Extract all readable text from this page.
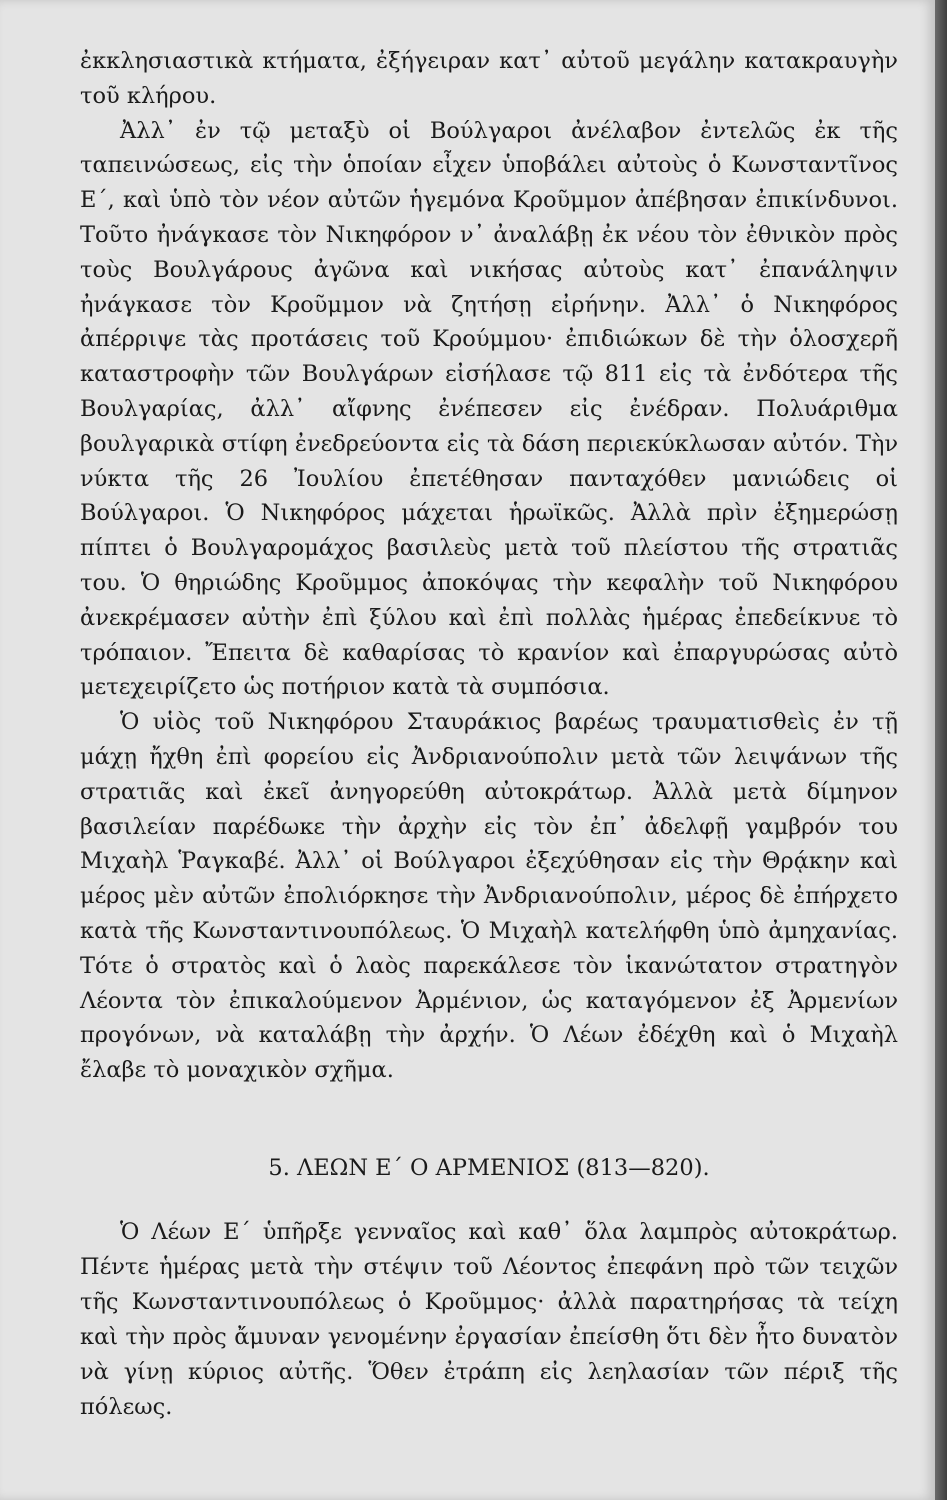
ἐκκλησιαστικὰ κτήματα, ἐξήγειραν κατ᾽ αὐτοῦ μεγάλην κατακραυγὴν τοῦ κλήρου.

Ἀλλ᾽ ἐν τῷ μεταξὺ οἱ Βούλγαροι ἀνέλαβον ἐντελῶς ἐκ τῆς ταπεινώσεως, εἰς τὴν ὁποίαν εἶχεν ὑποβάλει αὐτοὺς ὁ Κωνσταντῖνος Ε΄, καὶ ὑπὸ τὸν νέον αὐτῶν ἡγεμόνα Κροῦμμον ἀπέβησαν ἐπικίνδυνοι. Τοῦτο ἠνάγκασε τὸν Νικηφόρον ν᾽ ἀναλάβῃ ἐκ νέου τὸν ἐθνικὸν πρὸς τοὺς Βουλγάρους ἀγῶνα καὶ νικήσας αὐτοὺς κατ᾽ ἐπανάληψιν ἠνάγκασε τὸν Κροῦμμον νὰ ζητήσῃ εἰρήνην. Ἀλλ᾽ ὁ Νικηφόρος ἀπέρριψε τὰς προτάσεις τοῦ Κρούμμου· ἐπιδιώκων δὲ τὴν ὁλοσχερῆ καταστροφὴν τῶν Βουλγάρων εἰσήλασε τῷ 811 εἰς τὰ ἐνδότερα τῆς Βουλγαρίας, ἀλλ᾽ αἴφνης ἐνέπεσεν εἰς ἐνέδραν. Πολυάριθμα βουλγαρικὰ στίφη ἐνεδρεύοντα εἰς τὰ δάση περιεκύκλωσαν αὐτόν. Τὴν νύκτα τῆς 26 Ἰουλίου ἐπετέθησαν πανταχόθεν μανιώδεις οἱ Βούλγαροι. Ὁ Νικηφόρος μάχεται ἡρωϊκῶς. Ἀλλὰ πρὶν ἐξημερώσῃ πίπτει ὁ Βουλγαρομάχος βασιλεὺς μετὰ τοῦ πλείστου τῆς στρατιᾶς του. Ὁ θηριώδης Κροῦμμος ἀποκόψας τὴν κεφαλὴν τοῦ Νικηφόρου ἀνεκρέμασεν αὐτὴν ἐπὶ ξύλου καὶ ἐπὶ πολλὰς ἡμέρας ἐπεδείκνυε τὸ τρόπαιον. Ἔπειτα δὲ καθαρίσας τὸ κρανίον καὶ ἐπαργυρώσας αὐτὸ μετεχειρίζετο ὡς ποτήριον κατὰ τὰ συμπόσια.

Ὁ υἱὸς τοῦ Νικηφόρου Σταυράκιος βαρέως τραυματισθεὶς ἐν τῇ μάχῃ ἤχθη ἐπὶ φορείου εἰς Ἀνδριανούπολιν μετὰ τῶν λειψάνων τῆς στρατιᾶς καὶ ἐκεῖ ἀνηγορεύθη αὐτοκράτωρ. Ἀλλὰ μετὰ δίμηνον βασιλείαν παρέδωκε τὴν ἀρχὴν εἰς τὸν ἐπ᾽ ἀδελφῇ γαμβρόν του Μιχαὴλ Ῥαγκαβέ. Ἀλλ᾽ οἱ Βούλγαροι ἐξεχύθησαν εἰς τὴν Θρᾴκην καὶ μέρος μὲν αὐτῶν ἐπολιόρκησε τὴν Ἀνδριανούπολιν, μέρος δὲ ἐπήρχετο κατὰ τῆς Κωνσταντινουπόλεως. Ὁ Μιχαὴλ κατελήφθη ὑπὸ ἀμηχανίας. Τότε ὁ στρατὸς καὶ ὁ λαὸς παρεκάλεσε τὸν ἱκανώτατον στρατηγὸν Λέοντα τὸν ἐπικαλούμενον Ἀρμένιον, ὡς καταγόμενον ἐξ Ἀρμενίων προγόνων, νὰ καταλάβῃ τὴν ἀρχήν. Ὁ Λέων ἐδέχθη καὶ ὁ Μιχαὴλ ἔλαβε τὸ μοναχικὸν σχῆμα.

5. ΛΕΩΝ Ε΄ Ο ΑΡΜΕΝΙΟΣ (813—820).

Ὁ Λέων Ε΄ ὑπῆρξε γενναῖος καὶ καθ᾽ ὅλα λαμπρὸς αὐτοκράτωρ. Πέντε ἡμέρας μετὰ τὴν στέψιν τοῦ Λέοντος ἐπεφάνη πρὸ τῶν τειχῶν τῆς Κωνσταντινουπόλεως ὁ Κροῦμμος· ἀλλὰ παρατηρήσας τὰ τείχη καὶ τὴν πρὸς ἄμυναν γενομένην ἐργασίαν ἐπείσθη ὅτι δὲν ἦτο δυνατὸν νὰ γίνῃ κύριος αὐτῆς. Ὅθεν ἐτράπη εἰς λεηλασίαν τῶν πέριξ τῆς πόλεως.
